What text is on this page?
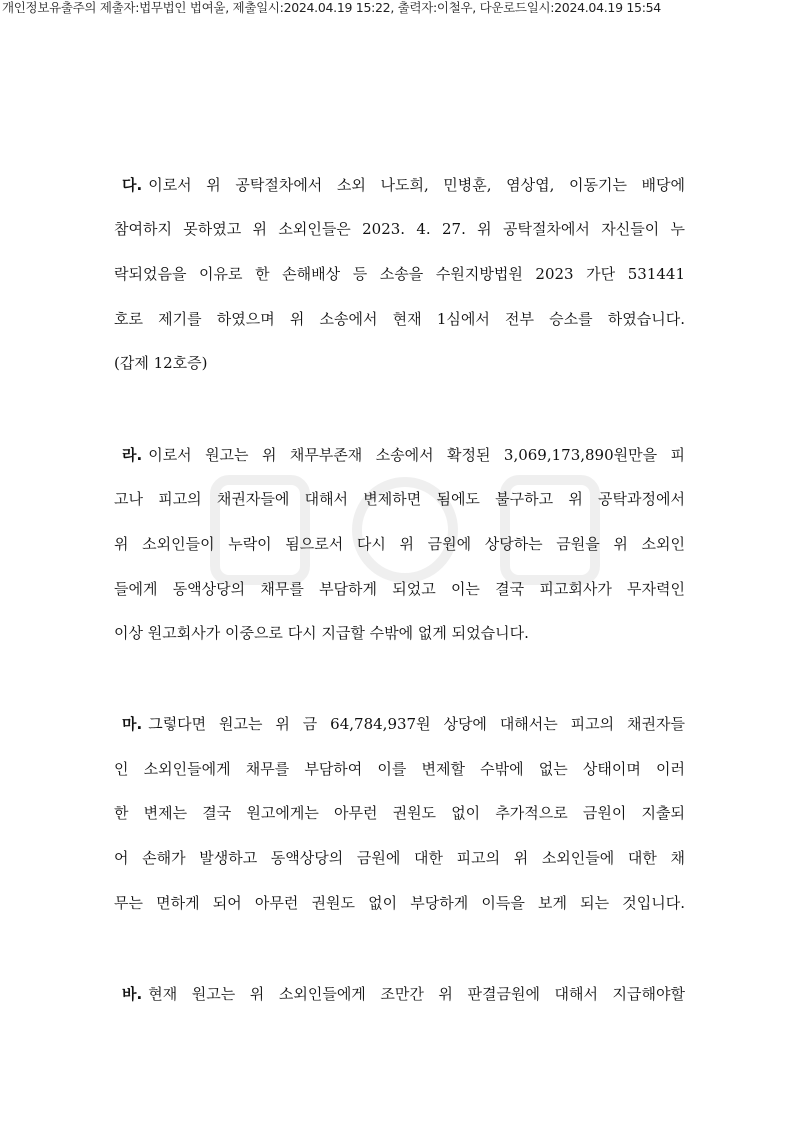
개인정보유출주의 제출자:법무법인 법여울, 제출일시:2024.04.19 15:22, 출력자:이철우, 다운로드일시:2024.04.19 15:54
다. 이로서 위 공탁절차에서 소외 나도희, 민병훈, 염상엽, 이동기는 배당에
참여하지 못하였고 위 소외인들은 2023. 4. 27. 위 공탁절차에서 자신들이 누
락되었음을 이유로 한 손해배상 등 소송을 수원지방법원 2023 가단 531441
호로 제기를 하였으며 위 소송에서 현재 1심에서 전부 승소를 하였습니다.
(갑제 12호증)
라. 이로서 원고는 위 채무부존재 소송에서 확정된 3,069,173,890원만을 피
고나 피고의 채권자들에 대해서 변제하면 됨에도 불구하고 위 공탁과정에서
위 소외인들이 누락이 됨으로서 다시 위 금원에 상당하는 금원을 위 소외인
들에게 동액상당의 채무를 부담하게 되었고 이는 결국 피고회사가 무자력인
이상 원고회사가 이중으로 다시 지급할 수밖에 없게 되었습니다.
마. 그렇다면 원고는 위 금 64,784,937원 상당에 대해서는 피고의 채권자들
인 소외인들에게 채무를 부담하여 이를 변제할 수밖에 없는 상태이며 이러
한 변제는 결국 원고에게는 아무런 권원도 없이 추가적으로 금원이 지출되
어 손해가 발생하고 동액상당의 금원에 대한 피고의 위 소외인들에 대한 채
무는 면하게 되어 아무런 권원도 없이 부당하게 이득을 보게 되는 것입니다.
바. 현재 원고는 위 소외인들에게 조만간 위 판결금원에 대해서 지급해야할
